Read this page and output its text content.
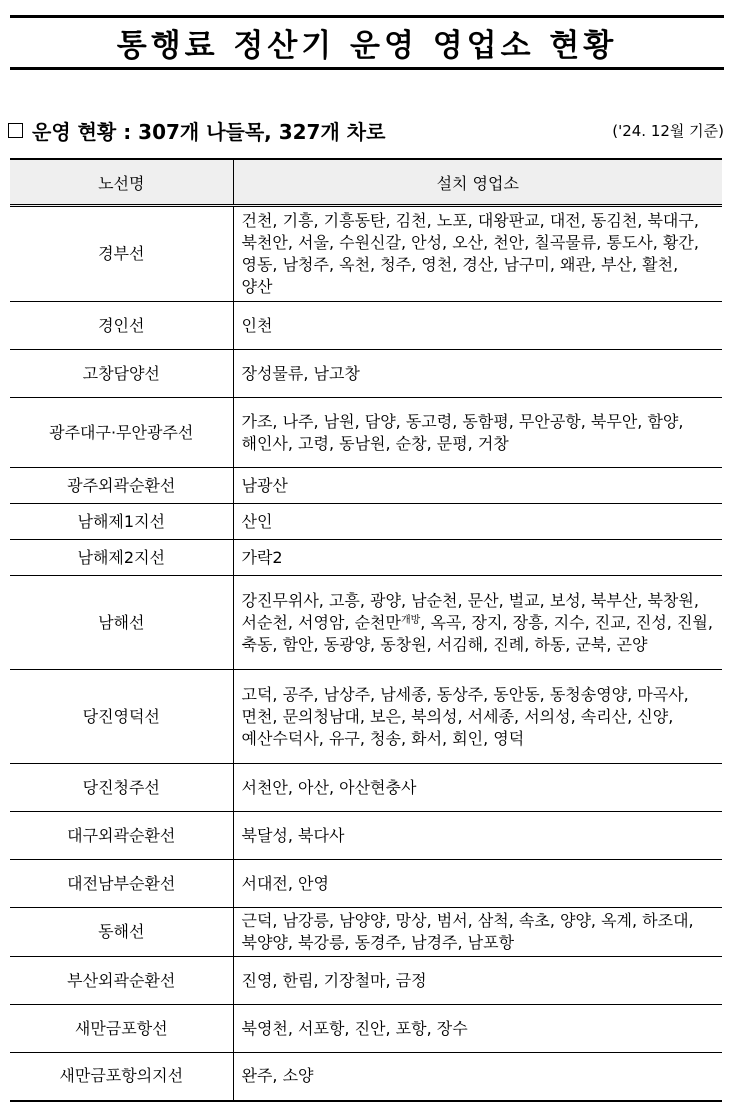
통행료 정산기 운영 영업소 현황
운영 현황 : 307개 나들목, 327개 차로	('24. 12월 기준)
노선명	설치 영업소
경부선	건천, 기흥, 기흥동탄, 김천, 노포, 대왕판교, 대전, 동김천, 북대구, 북천안, 서울, 수원신갈, 안성, 오산, 천안, 칠곡물류, 통도사, 황간, 영동, 남청주, 옥천, 청주, 영천, 경산, 남구미, 왜관, 부산, 활천, 양산
경인선	인천
고창담양선	장성물류, 남고창
광주대구·무안광주선	가조, 나주, 남원, 담양, 동고령, 동함평, 무안공항, 북무안, 함양, 해인사, 고령, 동남원, 순창, 문평, 거창
광주외곽순환선	남광산
남해제1지선	산인
남해제2지선	가락2
남해선	강진무위사, 고흥, 광양, 남순천, 문산, 벌교, 보성, 북부산, 북창원, 서순천, 서영암, 순천만$^{개방}$, 옥곡, 장지, 장흥, 지수, 진교, 진성, 진월, 축동, 함안, 동광양, 동창원, 서김해, 진례, 하동, 군북, 곤양
당진영덕선	고덕, 공주, 남상주, 남세종, 동상주, 동안동, 동청송영양, 마곡사, 면천, 문의청남대, 보은, 북의성, 서세종, 서의성, 속리산, 신양, 예산수덕사, 유구, 청송, 화서, 회인, 영덕
당진청주선	서천안, 아산, 아산현충사
대구외곽순환선	북달성, 북다사
대전남부순환선	서대전, 안영
동해선	근덕, 남강릉, 남양양, 망상, 범서, 삼척, 속초, 양양, 옥계, 하조대, 북양양, 북강릉, 동경주, 남경주, 남포항
부산외곽순환선	진영, 한림, 기장철마, 금정
새만금포항선	북영천, 서포항, 진안, 포항, 장수
새만금포항의지선	완주, 소양
